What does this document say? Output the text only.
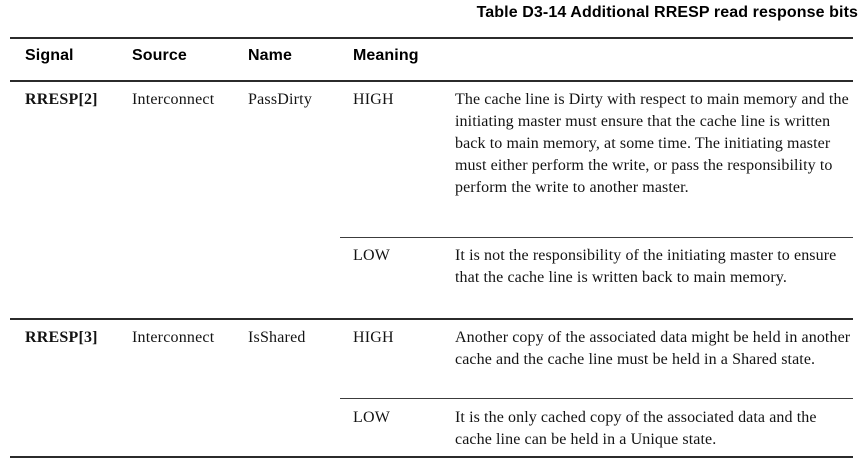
Table D3-14 Additional RRESP read response bits
Signal	Source	Name	Meaning
RRESP[2] Interconnect PassDirty	HIGH	The cache line is Dirty with respect to main memory and the initiating master must ensure that the cache line is written back to main memory, at some time. The initiating master must either perform the write, or pass the responsibility to perform the write to another master.
LOW	It is not the responsibility of the initiating master to ensure that the cache line is written back to main memory.
RRESP[3] Interconnect IsShared	HIGH	Another copy of the associated data might be held in another cache and the cache line must be held in a Shared state.
LOW	It is the only cached copy of the associated data and the cache line can be held in a Unique state.
